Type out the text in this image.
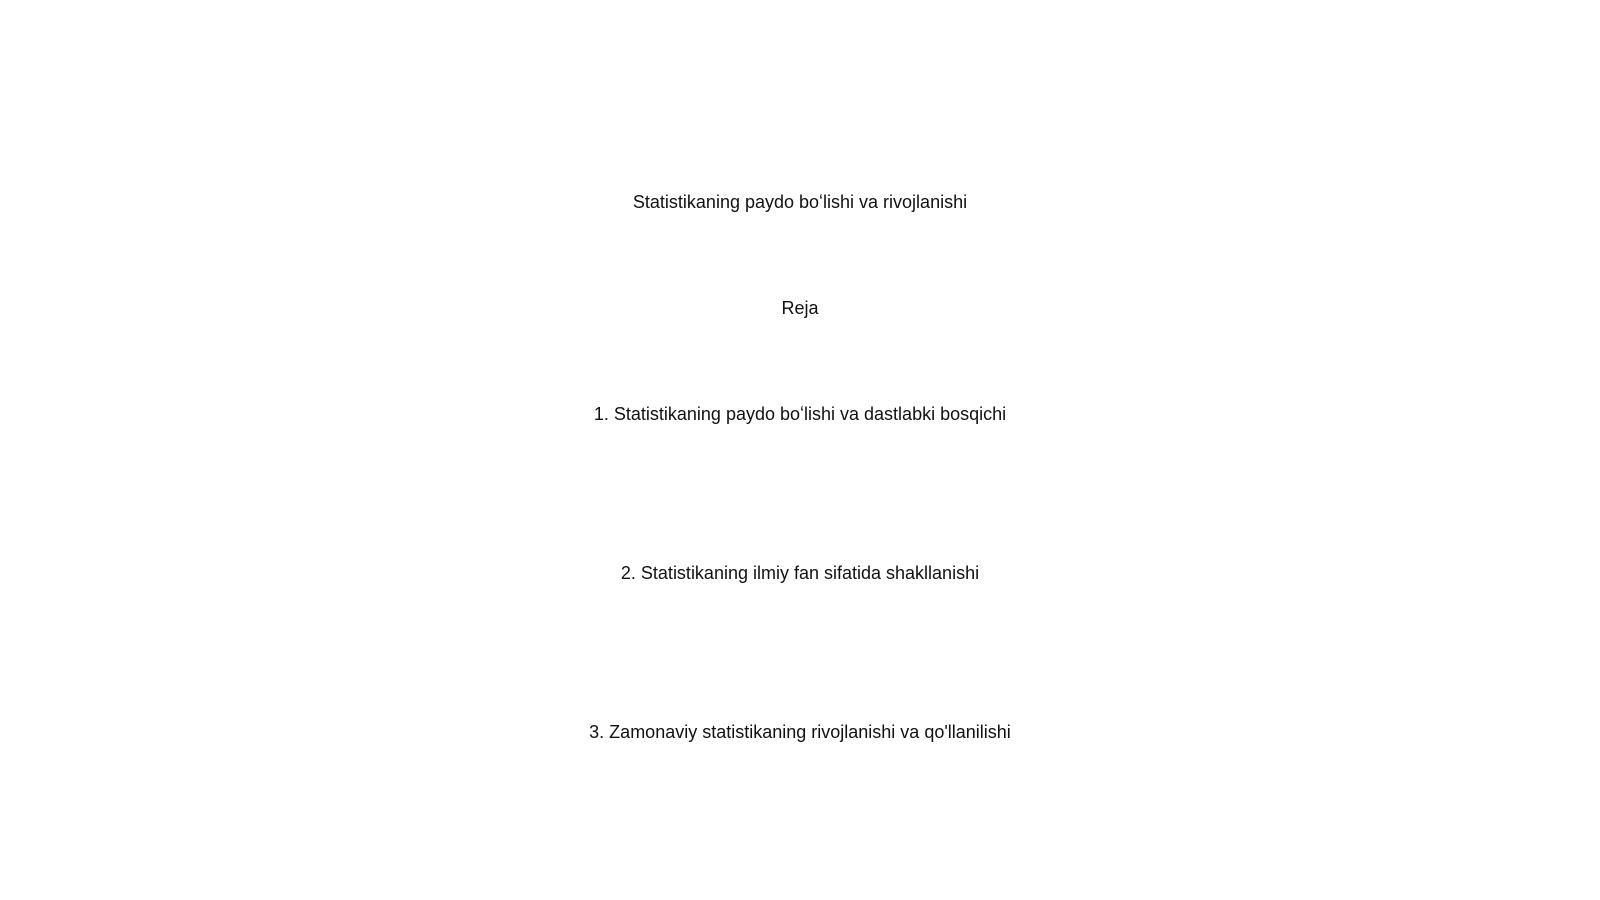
Statistikaning paydo boʻlishi va rivojlanishi
Reja
1. Statistikaning paydo boʻlishi va dastlabki bosqichi
2. Statistikaning ilmiy fan sifatida shakllanishi
3. Zamonaviy statistikaning rivojlanishi va qo'llanilishi
